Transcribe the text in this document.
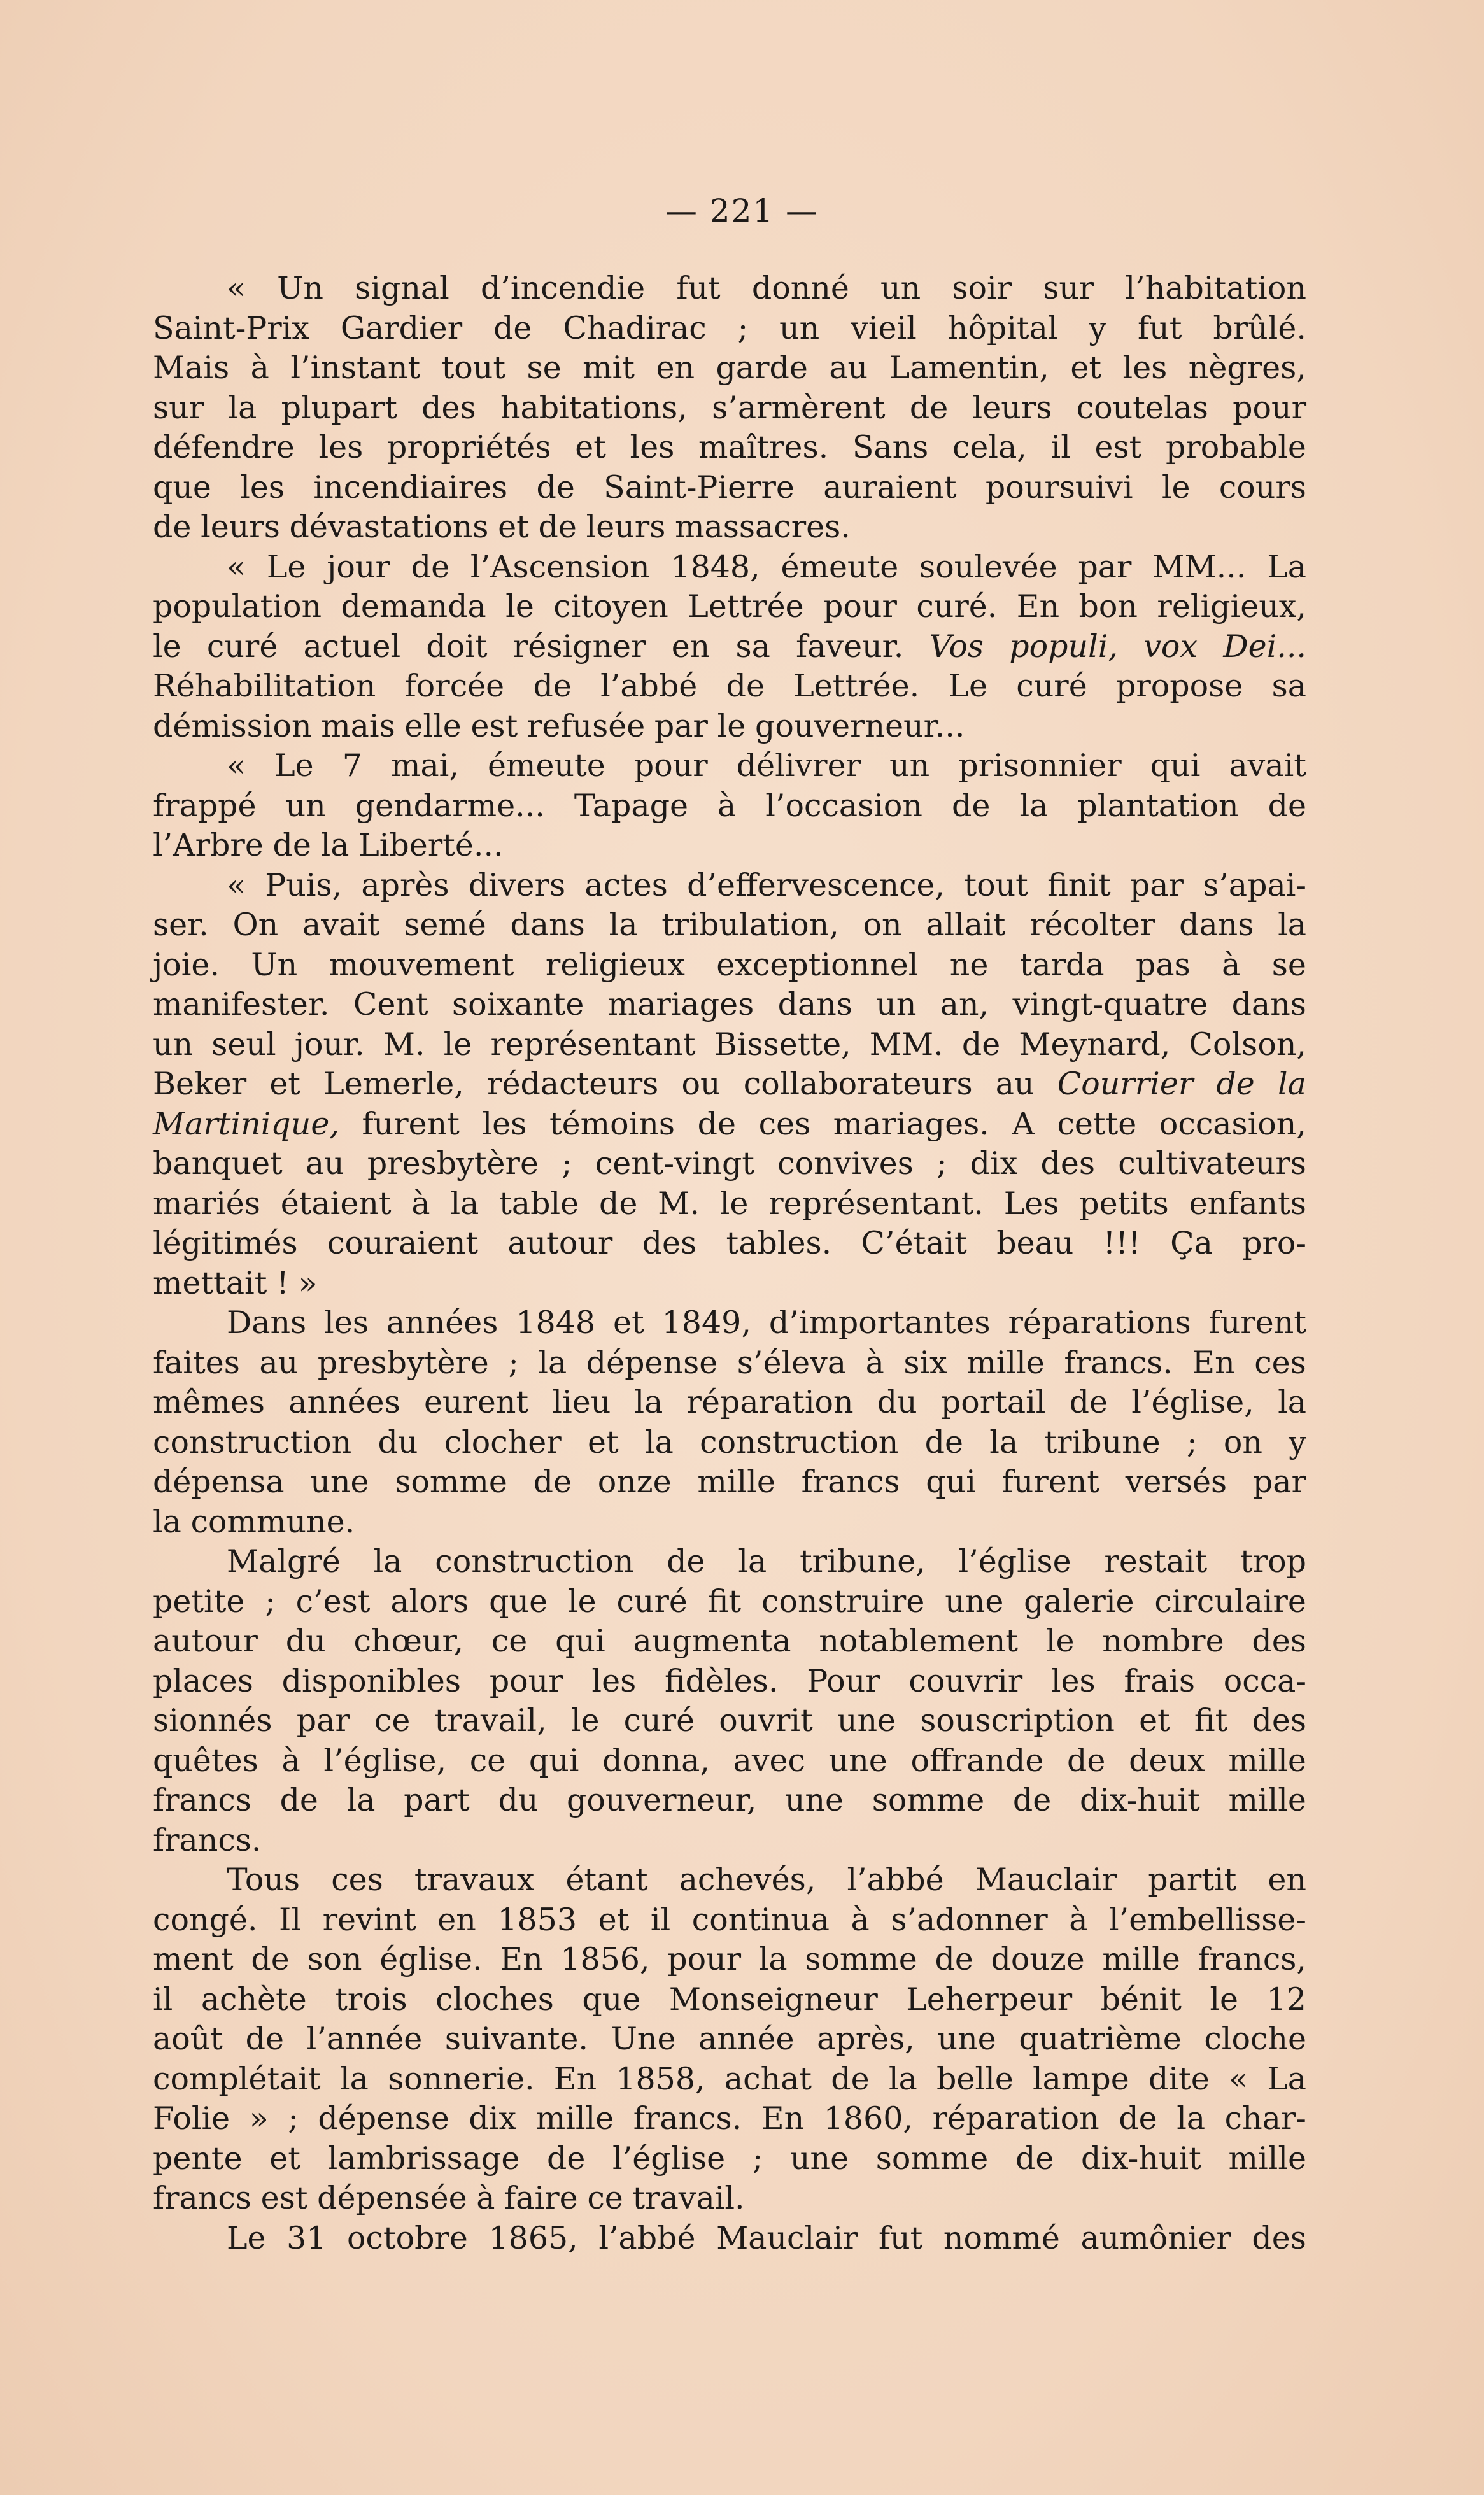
— 221 —
« Un signal d’incendie fut donné un soir sur l’habitation
Saint-Prix Gardier de Chadirac ; un vieil hôpital y fut brûlé.
Mais à l’instant tout se mit en garde au Lamentin, et les nègres,
sur la plupart des habitations, s’armèrent de leurs coutelas pour
défendre les propriétés et les maîtres. Sans cela, il est probable
que les incendiaires de Saint-Pierre auraient poursuivi le cours
de leurs dévastations et de leurs massacres.
« Le jour de l’Ascension 1848, émeute soulevée par MM... La
population demanda le citoyen Lettrée pour curé. En bon religieux,
le curé actuel doit résigner en sa faveur. Vos populi, vox Dei...
Réhabilitation forcée de l’abbé de Lettrée. Le curé propose sa
démission mais elle est refusée par le gouverneur...
« Le 7 mai, émeute pour délivrer un prisonnier qui avait
frappé un gendarme... Tapage à l’occasion de la plantation de
l’Arbre de la Liberté...
« Puis, après divers actes d’effervescence, tout finit par s’apai-
ser. On avait semé dans la tribulation, on allait récolter dans la
joie. Un mouvement religieux exceptionnel ne tarda pas à se
manifester. Cent soixante mariages dans un an, vingt-quatre dans
un seul jour. M. le représentant Bissette, MM. de Meynard, Colson,
Beker et Lemerle, rédacteurs ou collaborateurs au Courrier de la
Martinique, furent les témoins de ces mariages. A cette occasion,
banquet au presbytère ; cent-vingt convives ; dix des cultivateurs
mariés étaient à la table de M. le représentant. Les petits enfants
légitimés couraient autour des tables. C’était beau !!! Ça pro-
mettait ! »
Dans les années 1848 et 1849, d’importantes réparations furent
faites au presbytère ; la dépense s’éleva à six mille francs. En ces
mêmes années eurent lieu la réparation du portail de l’église, la
construction du clocher et la construction de la tribune ; on y
dépensa une somme de onze mille francs qui furent versés par
la commune.
Malgré la construction de la tribune, l’église restait trop
petite ; c’est alors que le curé fit construire une galerie circulaire
autour du chœur, ce qui augmenta notablement le nombre des
places disponibles pour les fidèles. Pour couvrir les frais occa-
sionnés par ce travail, le curé ouvrit une souscription et fit des
quêtes à l’église, ce qui donna, avec une offrande de deux mille
francs de la part du gouverneur, une somme de dix-huit mille
francs.
Tous ces travaux étant achevés, l’abbé Mauclair partit en
congé. Il revint en 1853 et il continua à s’adonner à l’embellisse-
ment de son église. En 1856, pour la somme de douze mille francs,
il achète trois cloches que Monseigneur Leherpeur bénit le 12
août de l’année suivante. Une année après, une quatrième cloche
complétait la sonnerie. En 1858, achat de la belle lampe dite « La
Folie » ; dépense dix mille francs. En 1860, réparation de la char-
pente et lambrissage de l’église ; une somme de dix-huit mille
francs est dépensée à faire ce travail.
Le 31 octobre 1865, l’abbé Mauclair fut nommé aumônier des
